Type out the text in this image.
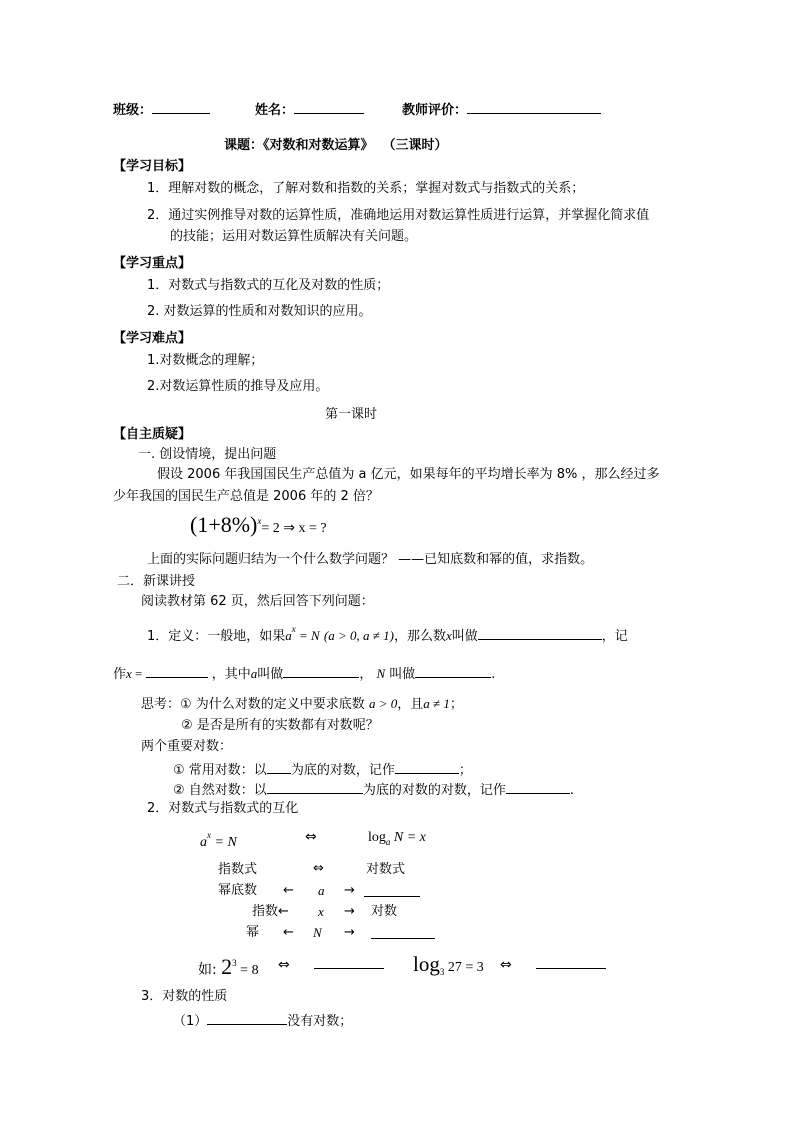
班级：	姓名：	教师评价：
课题：《对数和对数运算》  （三课时）
【学习目标】
1．理解对数的概念，了解对数和指数的关系；掌握对数式与指数式的关系；
2．通过实例推导对数的运算性质，准确地运用对数运算性质进行运算，并掌握化简求值
的技能；运用对数运算性质解决有关问题。
【学习重点】
1．对数式与指数式的互化及对数的性质；
2. 对数运算的性质和对数知识的应用。
【学习难点】
1.对数概念的理解；
2.对数运算性质的推导及应用。
第一课时
【自主质疑】
一. 创设情境，提出问题
假设 2006 年我国国民生产总值为 a 亿元，如果每年的平均增长率为 8% ，那么经过多
少年我国的国民生产总值是 2006 年的 2 倍？
$(1+8\%)^x= 2$ ⇒ x = ?
上面的实际问题归结为一个什么数学问题？ ——已知底数和幂的值，求指数。
二．新课讲授
阅读教材第 62 页，然后回答下列问题：
1．定义：一般地，如果$a^x = N$ (a > 0, a ≠ 1)，那么数x叫做	，记
作x =	，其中a叫做	， N 叫做	.
思考：① 为什么对数的定义中要求底数 a > 0，且a ≠ 1；
② 是否是所有的实数都有对数呢？
两个重要对数：
① 常用对数：以 为底的对数，记作	；
② 自然对数：以	为底的对数的对数，记作	.
2．对数式与指数式的互化
$a^x = N$	⇔	$\log_a N = x$
指数式	⇔	对数式
幂底数 ← a →
指数← x → 对数
幂 ← N →
如: $2^3 = 8$ ⇔	$\log_3 27 = 3$ ⇔
3．对数的性质
（1）	没有对数；
